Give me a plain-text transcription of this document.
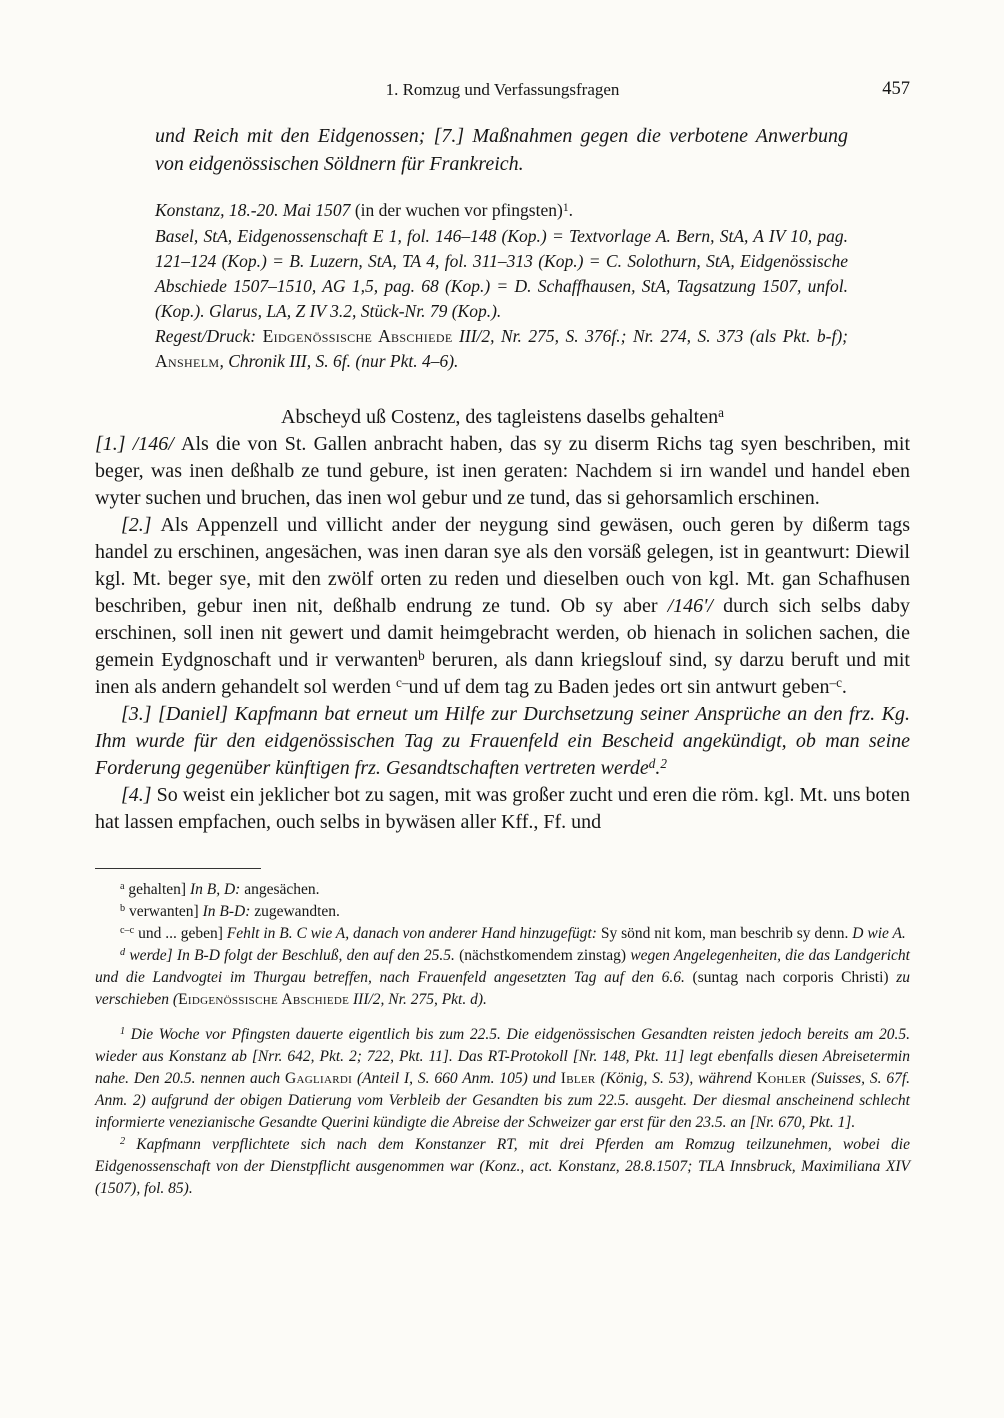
1. Romzug und Verfassungsfragen	457

und Reich mit den Eidgenossen; [7.] Maßnahmen gegen die verbotene Anwerbung von eidgenössischen Söldnern für Frankreich.

Konstanz, 18.-20. Mai 1507 (in der wuchen vor pfingsten)$^1$.

Basel, StA, Eidgenossenschaft E 1, fol. 146–148 (Kop.) = Textvorlage A. Bern, StA, A IV 10, pag. 121–124 (Kop.) = B. Luzern, StA, TA 4, fol. 311–313 (Kop.) = C. Solothurn, StA, Eidgenössische Abschiede 1507–1510, AG 1,5, pag. 68 (Kop.) = D. Schaffhausen, StA, Tagsatzung 1507, unfol. (Kop.). Glarus, LA, Z IV 3.2, Stück-Nr. 79 (Kop.).

Regest/Druck: Eidgenössische Abschiede III/2, Nr. 275, S. 376f.; Nr. 274, S. 373 (als Pkt. b-f); Anshelm, Chronik III, S. 6f. (nur Pkt. 4–6).

Abscheyd uß Costenz, des tagleistens daselbs gehalten$^a$

[1.] /146/ Als die von St. Gallen anbracht haben, das sy zu diserm Richs tag syen beschriben, mit beger, was inen deßhalb ze tund gebure, ist inen geraten: Nachdem si irn wandel und handel eben wyter suchen und bruchen, das inen wol gebur und ze tund, das si gehorsamlich erschinen.

[2.] Als Appenzell und villicht ander der neygung sind gewäsen, ouch geren by dißerm tags handel zu erschinen, angesächen, was inen daran sye als den vorsäß gelegen, ist in geantwurt: Diewil kgl. Mt. beger sye, mit den zwölf orten zu reden und dieselben ouch von kgl. Mt. gan Schafhusen beschriben, gebur inen nit, deßhalb endrung ze tund. Ob sy aber /146'/ durch sich selbs daby erschinen, soll inen nit gewert und damit heimgebracht werden, ob hienach in solichen sachen, die gemein Eydgnoschaft und ir verwanten$^b$ beruren, als dann kriegslouf sind, sy darzu beruft und mit inen als andern gehandelt sol werden $^{c-}$und uf dem tag zu Baden jedes ort sin antwurt geben$^{-c}$.

[3.] [Daniel] Kapfmann bat erneut um Hilfe zur Durchsetzung seiner Ansprüche an den frz. Kg. Ihm wurde für den eidgenössischen Tag zu Frauenfeld ein Bescheid angekündigt, ob man seine Forderung gegenüber künftigen frz. Gesandtschaften vertreten werde$^d$.$^2$

[4.] So weist ein jeklicher bot zu sagen, mit was großer zucht und eren die röm. kgl. Mt. uns boten hat lassen empfachen, ouch selbs in bywäsen aller Kff., Ff. und

$^a$ gehalten] In B, D: angesächen.

$^b$ verwanten] In B-D: zugewandten.

$^{c-c}$ und ... geben] Fehlt in B. C wie A, danach von anderer Hand hinzugefügt: Sy sönd nit kom, man beschrib sy denn. D wie A.

$^d$ werde] In B-D folgt der Beschluß, den auf den 25.5. (nächstkomendem zinstag) wegen Angelegenheiten, die das Landgericht und die Landvogtei im Thurgau betreffen, nach Frauenfeld angesetzten Tag auf den 6.6. (suntag nach corporis Christi) zu verschieben (Eidgenössische Abschiede III/2, Nr. 275, Pkt. d).

$^1$ Die Woche vor Pfingsten dauerte eigentlich bis zum 22.5. Die eidgenössischen Gesandten reisten jedoch bereits am 20.5. wieder aus Konstanz ab [Nrr. 642, Pkt. 2; 722, Pkt. 11]. Das RT-Protokoll [Nr. 148, Pkt. 11] legt ebenfalls diesen Abreisetermin nahe. Den 20.5. nennen auch Gagliardi (Anteil I, S. 660 Anm. 105) und Ibler (König, S. 53), während Kohler (Suisses, S. 67f. Anm. 2) aufgrund der obigen Datierung vom Verbleib der Gesandten bis zum 22.5. ausgeht. Der diesmal anscheinend schlecht informierte venezianische Gesandte Querini kündigte die Abreise der Schweizer gar erst für den 23.5. an [Nr. 670, Pkt. 1].

$^2$ Kapfmann verpflichtete sich nach dem Konstanzer RT, mit drei Pferden am Romzug teilzunehmen, wobei die Eidgenossenschaft von der Dienstpflicht ausgenommen war (Konz., act. Konstanz, 28.8.1507; TLA Innsbruck, Maximiliana XIV (1507), fol. 85).
